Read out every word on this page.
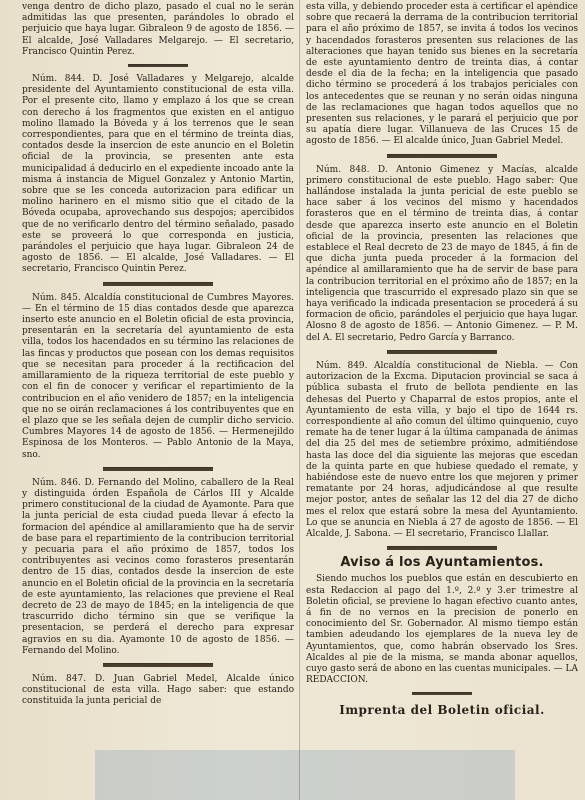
venga dentro de dicho plazo, pasado el cual no le serán admitidas las que presenten, parándoles lo obrado el perjuicio que haya lugar. Gibraleon 9 de agosto de 1856. — El alcalde, José Valladares Melgarejo. — El secretario, Francisco Quintin Perez.

Núm. 844. D. José Valladares y Melgarejo, alcalde presidente del Ayuntamiento constitucional de esta villa. Por el presente cito, llamo y emplazo á los que se crean con derecho á los fragmentos que existen en el antiguo molino llamado la Bóveda y á los terrenos que le sean correspondientes, para que en el término de treinta dias, contados desde la insercion de este anuncio en el Boletin oficial de la provincia, se presenten ante esta municipalidad á deducirlo en el expediente incoado ante la misma á instancia de Miguel Gonzalez y Antonio Martin, sobre que se les conceda autorizacion para edificar un molino harinero en el mismo sitio que el citado de la Bóveda ocupaba, aprovechando sus despojos; apercibidos que de no verificarlo dentro del término señalado, pasado este se proveerá lo que corresponda en justicia, parándoles el perjuicio que haya lugar. Gibraleon 24 de agosto de 1856. — El alcalde, José Valladares. — El secretario, Francisco Quintin Perez.

Núm. 845. Alcaldía constitucional de Cumbres Mayores. — En el término de 15 dias contados desde que aparezca inserto este anuncio en el Boletin oficial de esta provincia, presentarán en la secretaría del ayuntamiento de esta villa, todos los hacendados en su término las relaciones de las fincas y productos que posean con los demas requisitos que se necesitan para proceder á la rectificacion del amillaramiento de la riqueza territorial de este pueblo y con el fin de conocer y verificar el repartimiento de la contribucion en el año venidero de 1857; en la inteligencia que no se oirán reclamaciones á los contribuyentes que en el plazo que se les señala dejen de cumplir dicho servicio. Cumbres Mayores 14 de agosto de 1856. — Hermenejildo Espinosa de los Monteros. — Pablo Antonio de la Maya, sno.

Núm. 846. D. Fernando del Molino, caballero de la Real y distinguida órden Española de Cárlos III y Alcalde primero constitucional de la ciudad de Ayamonte. Para que la junta pericial de esta ciudad pueda llevar á efecto la formacion del apéndice al amillaramiento que ha de servir de base para el repartimiento de la contribucion territorial y pecuaria para el año próximo de 1857, todos los contribuyentes asi vecinos como forasteros presentarán dentro de 15 dias, contados desde la insercion de este anuncio en el Boletin oficial de la provincia en la secretaría de este ayuntamiento, las relaciones que previene el Real decreto de 23 de mayo de 1845; en la inteligencia de que trascurrido dicho término sin que se verifique la presentacion, se perderá el derecho para expresar agravios en su dia. Ayamonte 10 de agosto de 1856. — Fernando del Molino.

Núm. 847. D. Juan Gabriel Medel, Alcalde único constitucional de esta villa. Hago saber: que estando constituida la junta pericial de

esta villa, y debiendo proceder esta á certificar el apéndice sobre que recaerá la derrama de la contribucion territorial para el año próximo de 1857, se invita á todos los vecinos y hacendados forasteros presenten sus relaciones de las alteraciones que hayan tenido sus bienes en la secretaría de este ayuntamiento dentro de treinta dias, á contar desde el dia de la fecha; en la inteligencia que pasado dicho término se procederá á los trabajos periciales con los antecedentes que se reunan y no serán oidas ninguna de las reclamaciones que hagan todos aquellos que no presenten sus relaciones, y le parará el perjuicio que por su apatía diere lugar. Villanueva de las Cruces 15 de agosto de 1856. — El alcalde único, Juan Gabriel Medel.

Núm. 848. D. Antonio Gimenez y Macías, alcalde primero constitucional de este pueblo. Hago saber: Que hallándose instalada la junta pericial de este pueblo se hace saber á los vecinos del mismo y hacendados forasteros que en el término de treinta dias, á contar desde que aparezca inserto este anuncio en el Boletin oficial de la provincia, presenten las relaciones que establece el Real decreto de 23 de mayo de 1845, á fin de que dicha junta pueda proceder á la formacion del apéndice al amillaramiento que ha de servir de base para la contribucion territorial en el próximo año de 1857; en la inteligencia que trascurrido el expresado plazo sin que se haya verificado la indicada presentacion se procederá á su formacion de oficio, parándoles el perjuicio que haya lugar. Alosno 8 de agosto de 1856. — Antonio Gimenez. — P. M. del A. El secretario, Pedro García y Barranco.

Núm. 849. Alcaldía constitucional de Niebla. — Con autorizacion de la Excma. Diputacion provincial se saca á pública subasta el fruto de bellota pendiente en las dehesas del Puerto y Chaparral de estos propios, ante el Ayuntamiento de esta villa, y bajo el tipo de 1644 rs. correspondiente al año comun del último quinquenio, cuyo remate ha de tener lugar á la última campanada de ánimas del dia 25 del mes de setiembre próximo, admitiéndose hasta las doce del dia siguiente las mejoras que escedan de la quinta parte en que hubiese quedado el remate, y habiéndose este de nuevo entre los que mejoren y primer rematante por 24 horas, adjudicándose al que resulte mejor postor, antes de señalar las 12 del dia 27 de dicho mes el relox que estará sobre la mesa del Ayuntamiento. Lo que se anuncia en Niebla á 27 de agosto de 1856. — El Alcalde, J. Sabona. — El secretario, Francisco Llallar.

Aviso á los Ayuntamientos.

Siendo muchos los pueblos que están en descubierto en esta Redaccion al pago del 1.º, 2.º y 3.er trimestre al Boletin oficial, se previene lo hagan efectivo cuanto antes, á fin de no vernos en la precision de ponerlo en conocimiento del Sr. Gobernador. Al mismo tiempo están tambien adeudando los ejemplares de la nueva ley de Ayuntamientos, que, como habrán observado los Sres. Alcaldes al pie de la misma, se manda abonar aquellos, cuyo gasto será de abono en las cuentas municipales. — LA REDACCION.

Imprenta del Boletin oficial.
